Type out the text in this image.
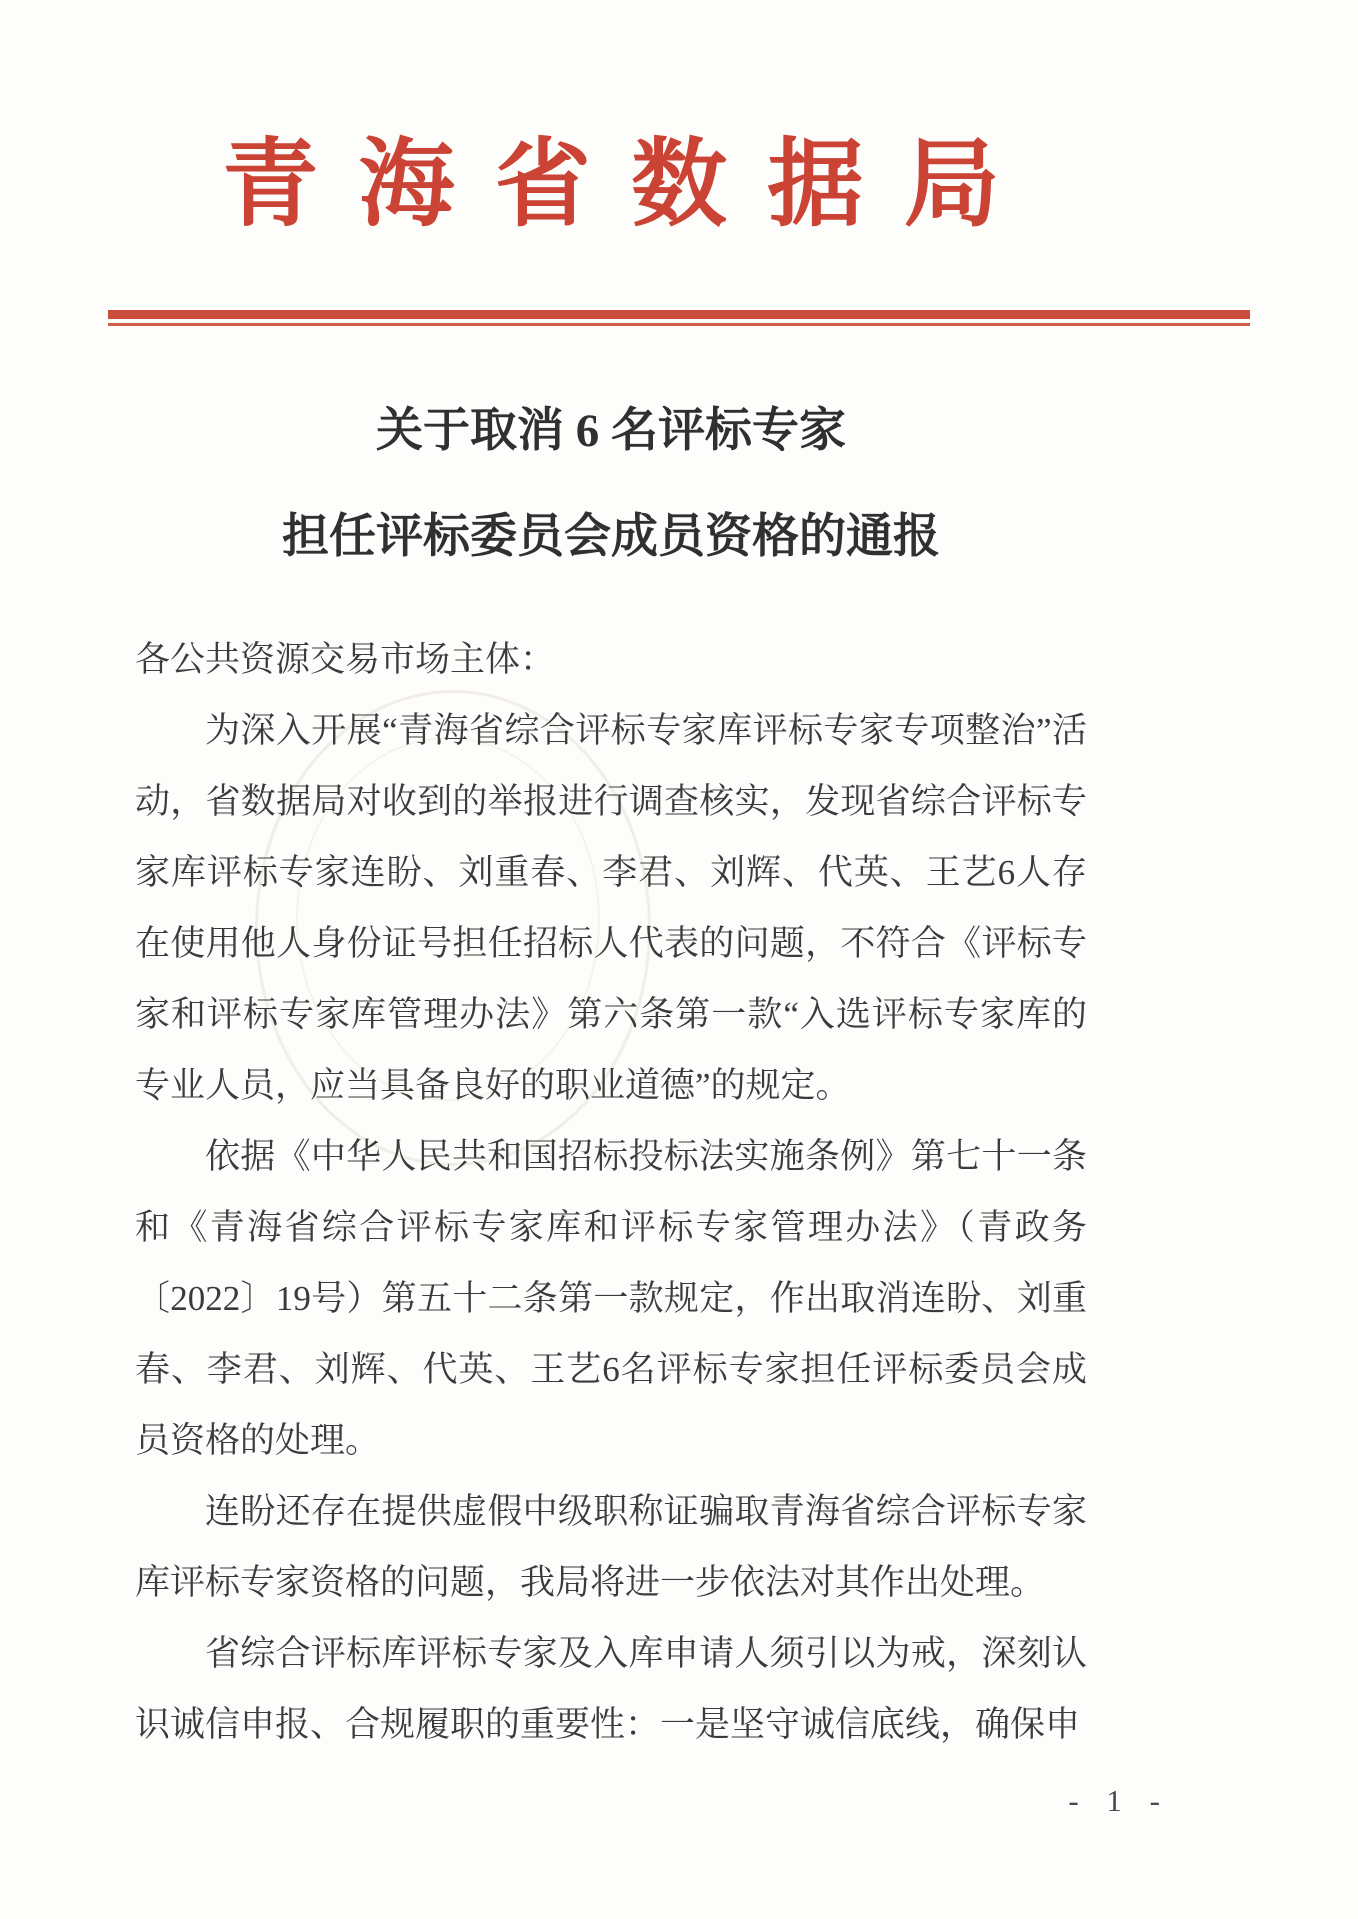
青海省数据局
关于取消 6 名评标专家
担任评标委员会成员资格的通报

各公共资源交易市场主体：

为深入开展“青海省综合评标专家库评标专家专项整治”活动，省数据局对收到的举报进行调查核实，发现省综合评标专家库评标专家连盼、刘重春、李君、刘辉、代英、王艺6人存在使用他人身份证号担任招标人代表的问题，不符合《评标专家和评标专家库管理办法》第六条第一款“入选评标专家库的专业人员，应当具备良好的职业道德”的规定。

依据《中华人民共和国招标投标法实施条例》第七十一条和《青海省综合评标专家库和评标专家管理办法》（青政务〔2022〕19号）第五十二条第一款规定，作出取消连盼、刘重春、李君、刘辉、代英、王艺6名评标专家担任评标委员会成员资格的处理。

连盼还存在提供虚假中级职称证骗取青海省综合评标专家库评标专家资格的问题，我局将进一步依法对其作出处理。

省综合评标库评标专家及入库申请人须引以为戒，深刻认识诚信申报、合规履职的重要性：一是坚守诚信底线，确保申

- 1 -
